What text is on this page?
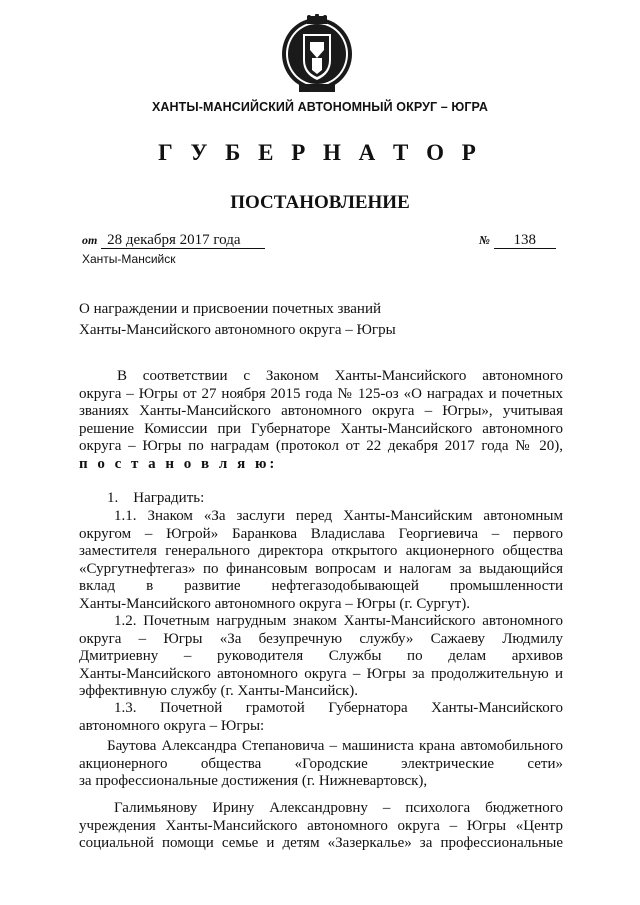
ЮГРА
ХАНТЫ-МАНСИЙСКИЙ АВТОНОМНЫЙ ОКРУГ – ЮГРА
Г У Б Е Р Н А Т О Р
ПОСТАНОВЛЕНИЕ
от 28 декабря 2017 года	№ 138
Ханты-Мансийск
О награждении и присвоении почетных званий
Ханты-Мансийского автономного округа – Югры
В соответствии с Законом Ханты-Мансийского автономного
округа – Югры от 27 ноября 2015 года № 125-оз «О наградах и почетных
званиях Ханты-Мансийского автономного округа – Югры», учитывая
решение Комиссии при Губернаторе Ханты-Мансийского автономного
округа – Югры по наградам (протокол от 22 декабря 2017 года № 20),
п о с т а н о в л я ю:
1.    Наградить:
1.1. Знаком «За заслуги перед Ханты-Мансийским автономным
округом – Югрой» Баранкова Владислава Георгиевича – первого
заместителя генерального директора открытого акционерного общества
«Сургутнефтегаз» по финансовым вопросам и налогам за выдающийся
вклад в развитие нефтегазодобывающей промышленности
Ханты-Мансийского автономного округа – Югры (г. Сургут).
1.2. Почетным нагрудным знаком Ханты-Мансийского автономного
округа – Югры «За безупречную службу» Сажаеву Людмилу
Дмитриевну – руководителя Службы по делам архивов
Ханты-Мансийского автономного округа – Югры за продолжительную и
эффективную службу (г. Ханты-Мансийск).
1.3. Почетной грамотой Губернатора Ханты-Мансийского
автономного округа – Югры:
Баутова Александра Степановича – машиниста крана автомобильного
акционерного общества «Городские электрические сети»
за профессиональные достижения (г. Нижневартовск),
Галимьянову Ирину Александровну – психолога бюджетного
учреждения Ханты-Мансийского автономного округа – Югры «Центр
социальной помощи семье и детям «Зазеркалье» за профессиональные
